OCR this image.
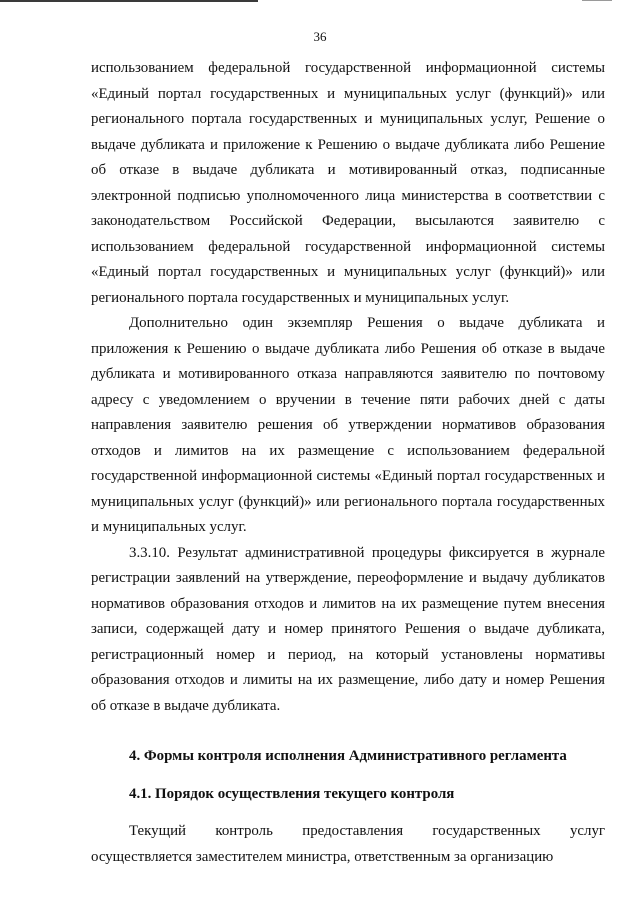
36

использованием федеральной государственной информационной системы «Единый портал государственных и муниципальных услуг (функций)» или регионального портала государственных и муниципальных услуг, Решение о выдаче дубликата и приложение к Решению о выдаче дубликата либо Решение об отказе в выдаче дубликата и мотивированный отказ, подписанные электронной подписью уполномоченного лица министерства в соответствии с законодательством Российской Федерации, высылаются заявителю с использованием федеральной государственной информационной системы «Единый портал государственных и муниципальных услуг (функций)» или регионального портала государственных и муниципальных услуг.

Дополнительно один экземпляр Решения о выдаче дубликата и приложения к Решению о выдаче дубликата либо Решения об отказе в выдаче дубликата и мотивированного отказа направляются заявителю по почтовому адресу с уведомлением о вручении в течение пяти рабочих дней с даты направления заявителю решения об утверждении нормативов образования отходов и лимитов на их размещение с использованием федеральной государственной информационной системы «Единый портал государственных и муниципальных услуг (функций)» или регионального портала государственных и муниципальных услуг.

3.3.10. Результат административной процедуры фиксируется в журнале регистрации заявлений на утверждение, переоформление и выдачу дубликатов нормативов образования отходов и лимитов на их размещение путем внесения записи, содержащей дату и номер принятого Решения о выдаче дубликата, регистрационный номер и период, на который установлены нормативы образования отходов и лимиты на их размещение, либо дату и номер Решения об отказе в выдаче дубликата.

4. Формы контроля исполнения Административного регламента

4.1. Порядок осуществления текущего контроля

Текущий контроль предоставления государственных услуг осуществляется заместителем министра, ответственным за организацию
